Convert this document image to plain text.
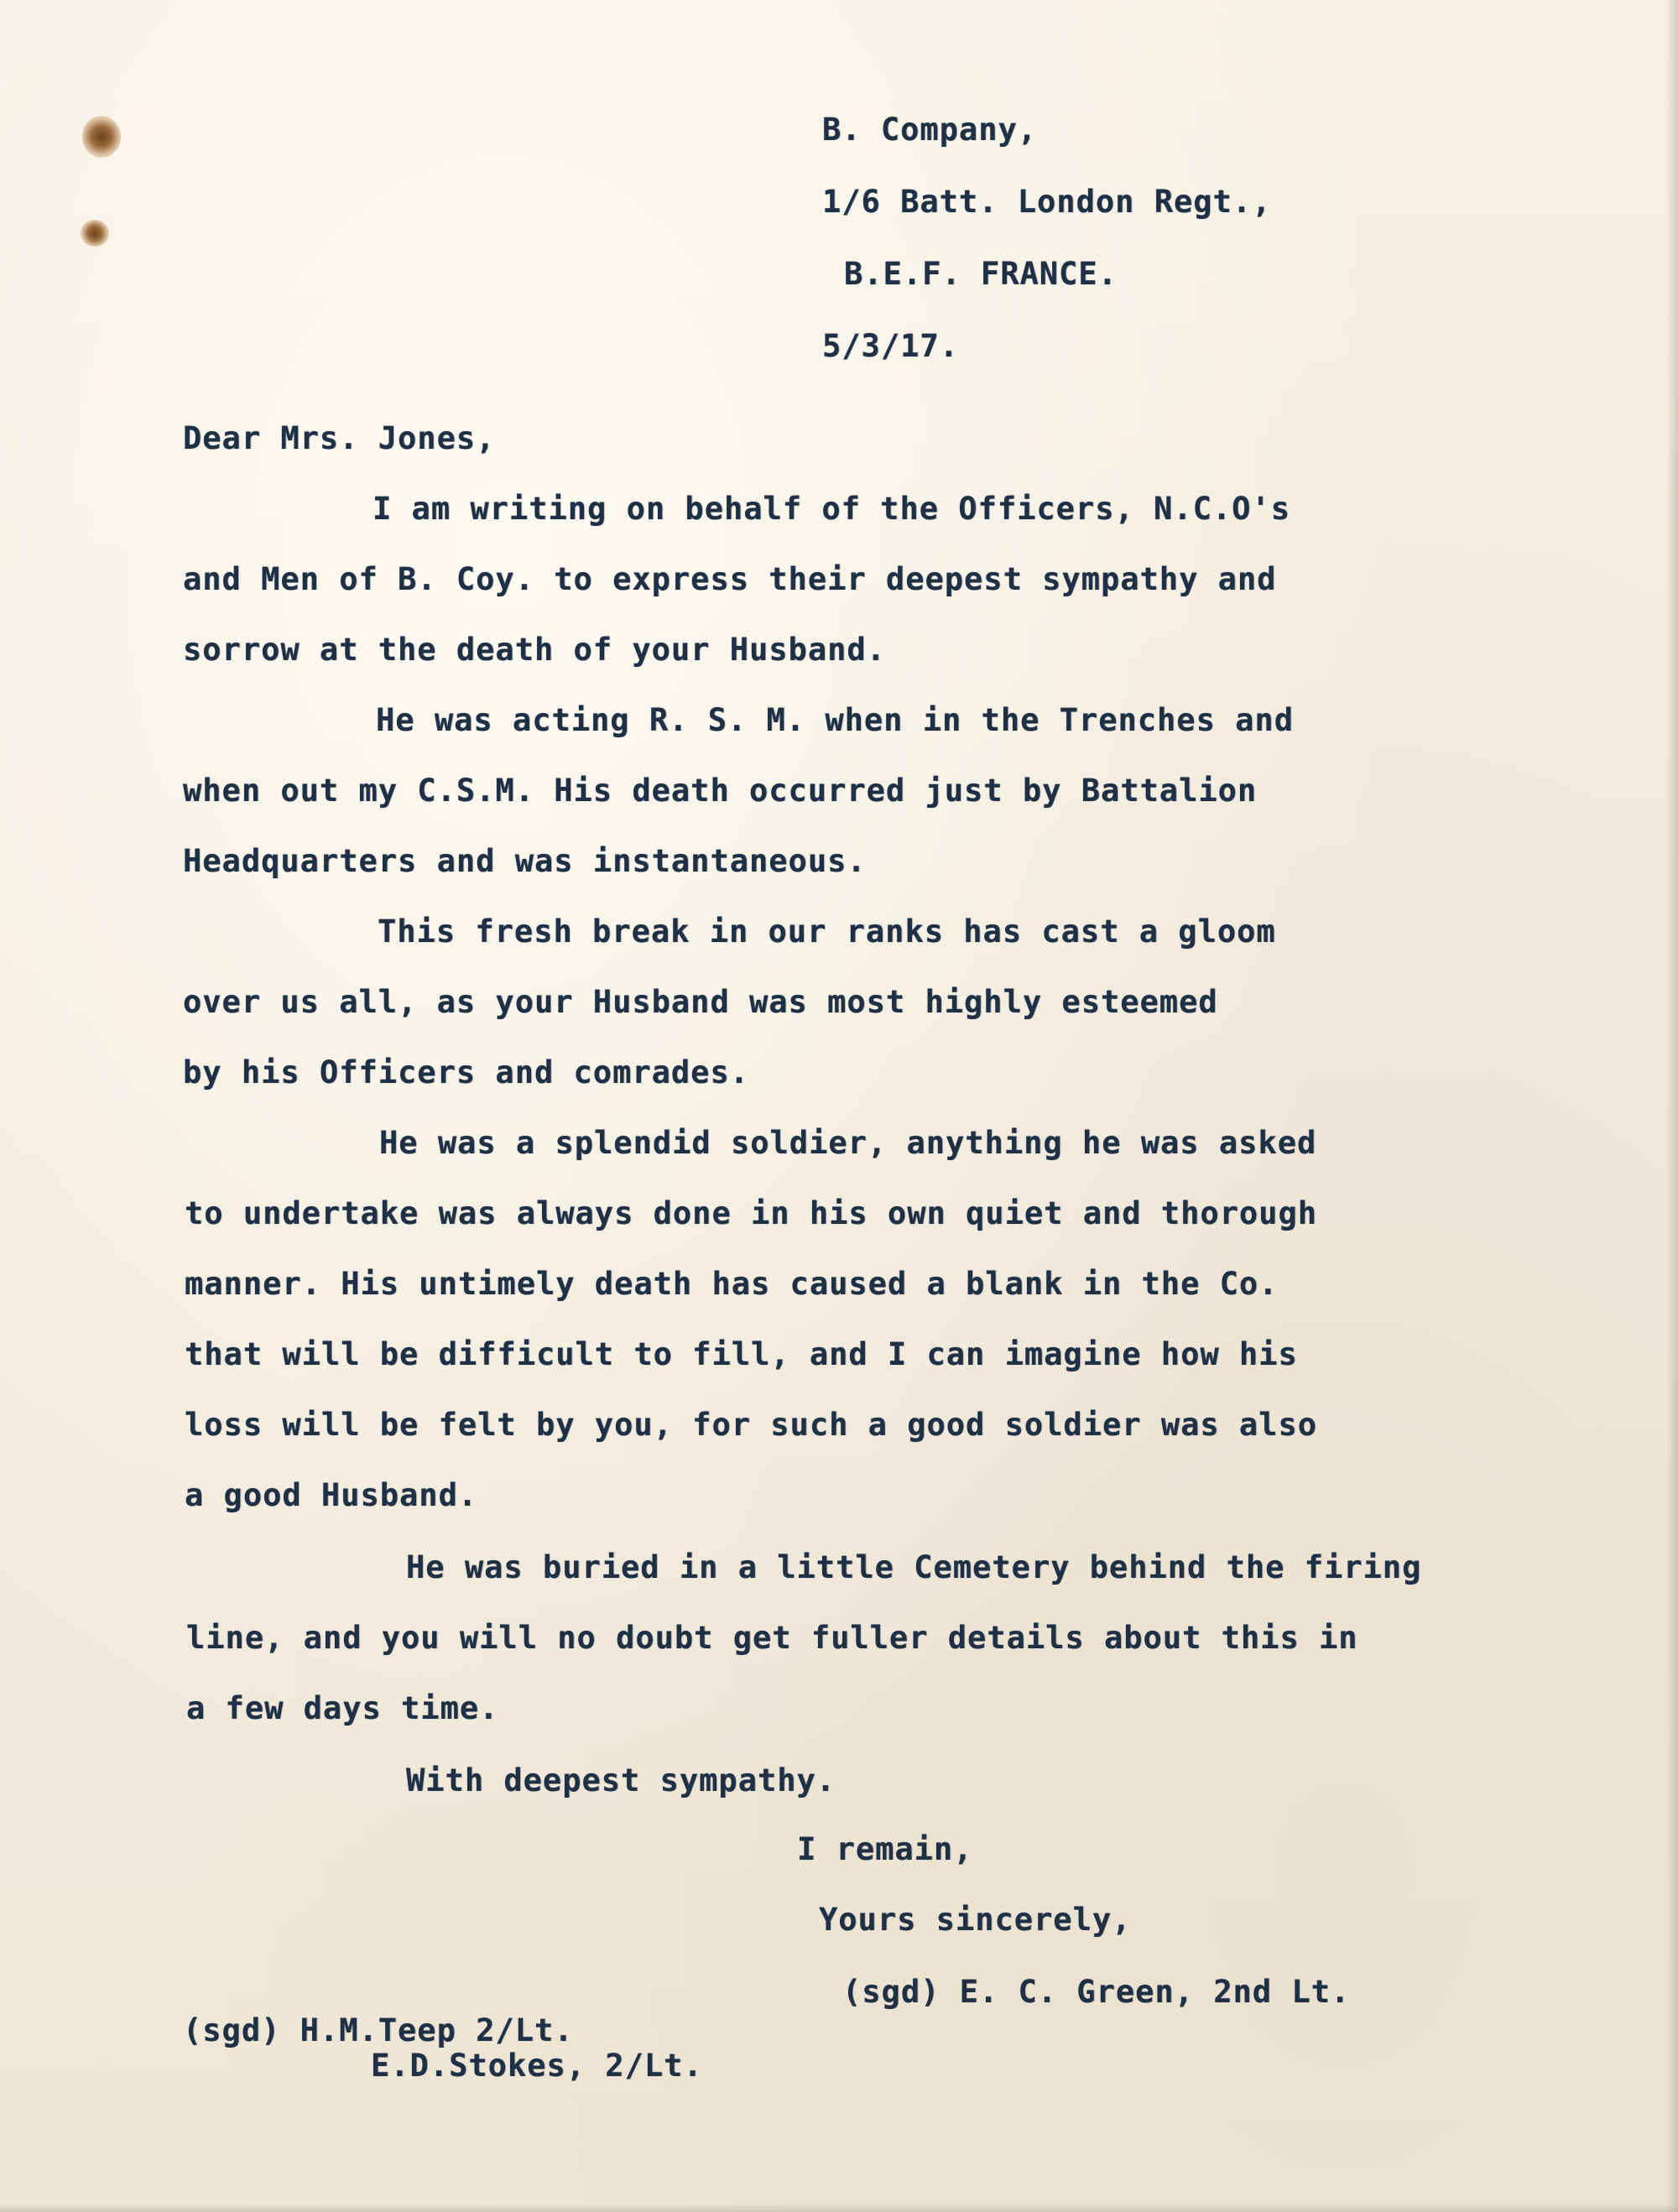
B. Company,

1/6 Batt. London Regt.,

B.E.F. FRANCE.

5/3/17.

Dear Mrs. Jones,

I am writing on behalf of the Officers, N.C.O's

and Men of B. Coy. to express their deepest sympathy and

sorrow at the death of your Husband.

He was acting R. S. M. when in the Trenches and

when out my C.S.M. His death occurred just by Battalion

Headquarters and was instantaneous.

This fresh break in our ranks has cast a gloom

over us all, as your Husband was most highly esteemed

by his Officers and comrades.

He was a splendid soldier, anything he was asked

to undertake was always done in his own quiet and thorough

manner. His untimely death has caused a blank in the Co.

that will be difficult to fill, and I can imagine how his

loss will be felt by you, for such a good soldier was also

a good Husband.

He was buried in a little Cemetery behind the firing

line, and you will no doubt get fuller details about this in

a few days time.

With deepest sympathy.

I remain,

Yours sincerely,

(sgd) E. C. Green, 2nd Lt.

(sgd) H.M.Teep 2/Lt.

E.D.Stokes, 2/Lt.
